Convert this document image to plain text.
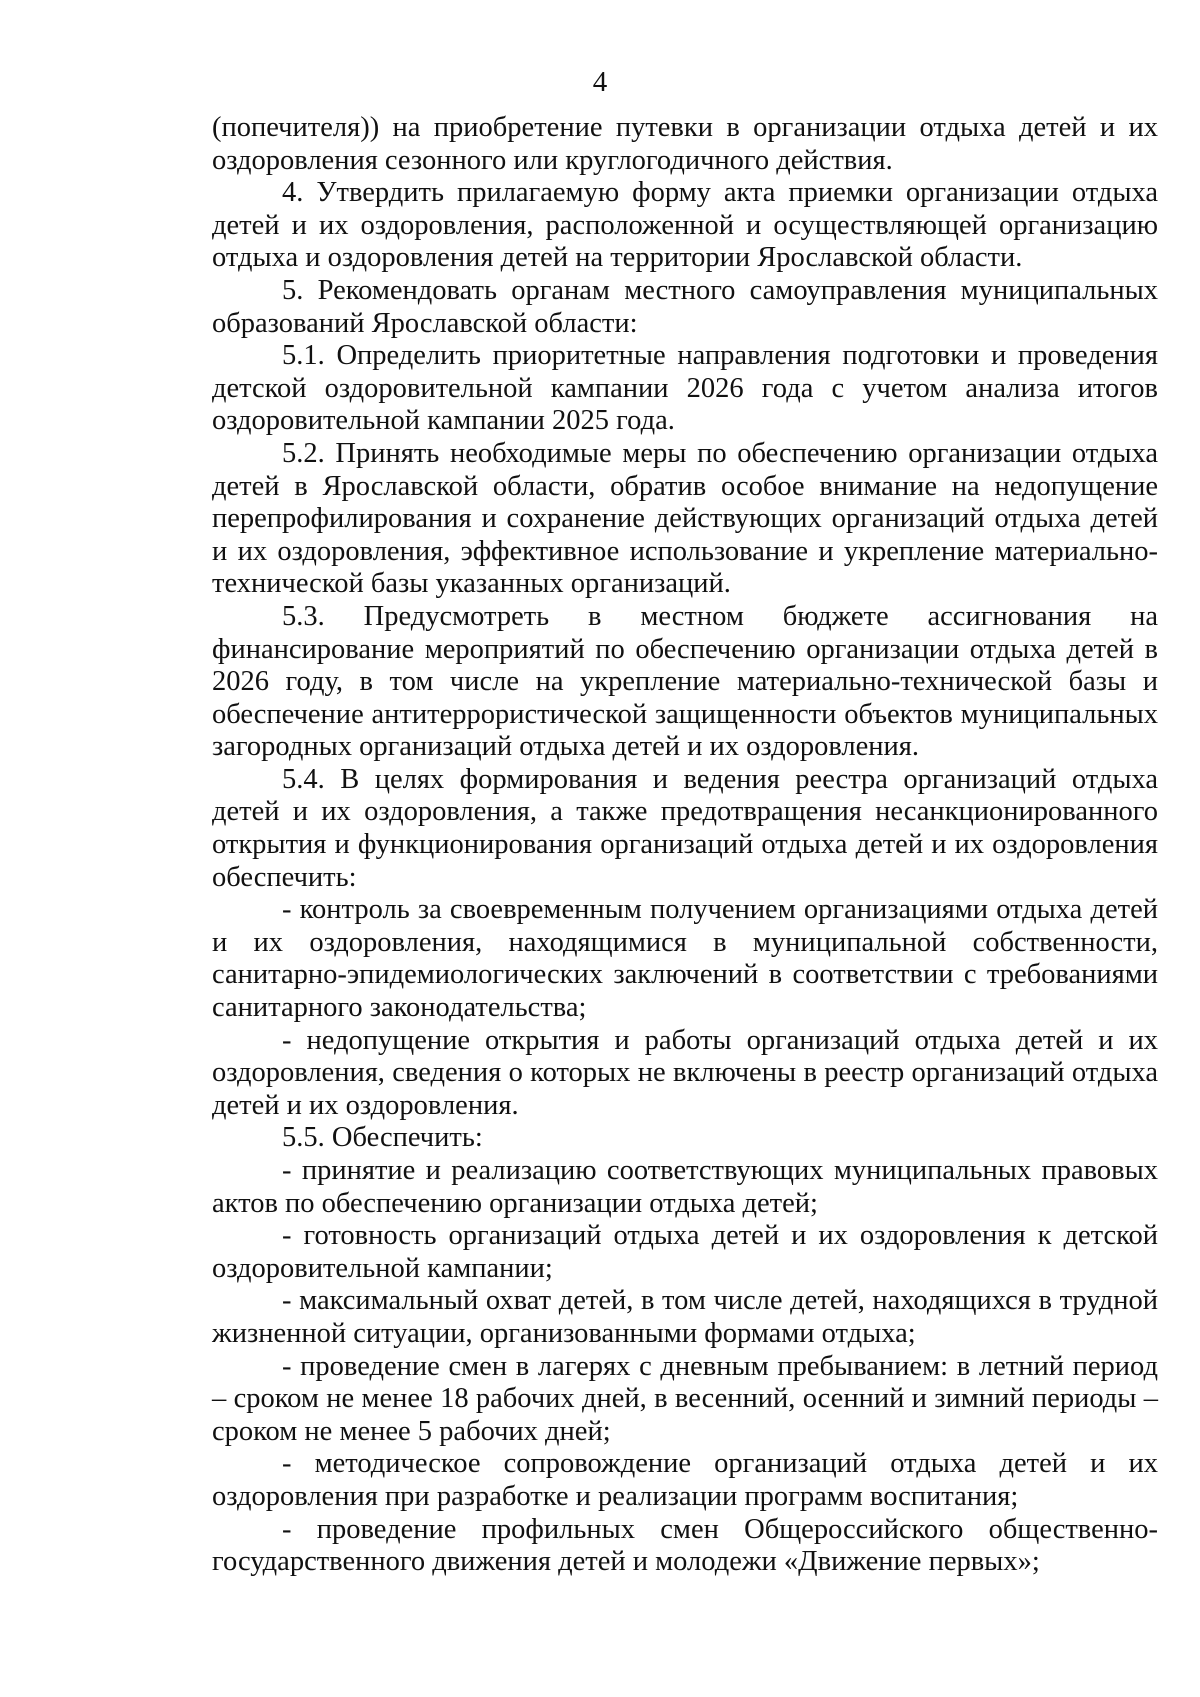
4

(попечителя)) на приобретение путевки в организации отдыха детей и их оздоровления сезонного или круглогодичного действия.

4. Утвердить прилагаемую форму акта приемки организации отдыха детей и их оздоровления, расположенной и осуществляющей организацию отдыха и оздоровления детей на территории Ярославской области.

5. Рекомендовать органам местного самоуправления муниципальных образований Ярославской области:

5.1. Определить приоритетные направления подготовки и проведения детской оздоровительной кампании 2026 года с учетом анализа итогов оздоровительной кампании 2025 года.

5.2. Принять необходимые меры по обеспечению организации отдыха детей в Ярославской области, обратив особое внимание на недопущение перепрофилирования и сохранение действующих организаций отдыха детей и их оздоровления, эффективное использование и укрепление материально-технической базы указанных организаций.

5.3. Предусмотреть в местном бюджете ассигнования на финансирование мероприятий по обеспечению организации отдыха детей в 2026 году, в том числе на укрепление материально-технической базы и обеспечение антитеррористической защищенности объектов муниципальных загородных организаций отдыха детей и их оздоровления.

5.4. В целях формирования и ведения реестра организаций отдыха детей и их оздоровления, а также предотвращения несанкционированного открытия и функционирования организаций отдыха детей и их оздоровления обеспечить:

- контроль за своевременным получением организациями отдыха детей и их оздоровления, находящимися в муниципальной собственности, санитарно-эпидемиологических заключений в соответствии с требованиями санитарного законодательства;

- недопущение открытия и работы организаций отдыха детей и их оздоровления, сведения о которых не включены в реестр организаций отдыха детей и их оздоровления.

5.5. Обеспечить:

- принятие и реализацию соответствующих муниципальных правовых актов по обеспечению организации отдыха детей;

- готовность организаций отдыха детей и их оздоровления к детской оздоровительной кампании;

- максимальный охват детей, в том числе детей, находящихся в трудной жизненной ситуации, организованными формами отдыха;

- проведение смен в лагерях с дневным пребыванием: в летний период – сроком не менее 18 рабочих дней, в весенний, осенний и зимний периоды – сроком не менее 5 рабочих дней;

- методическое сопровождение организаций отдыха детей и их оздоровления при разработке и реализации программ воспитания;

- проведение профильных смен Общероссийского общественно-государственного движения детей и молодежи «Движение первых»;
